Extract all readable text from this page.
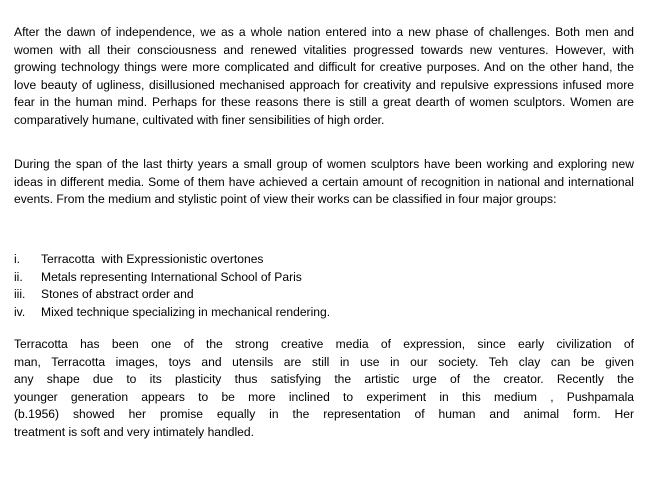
After the dawn of independence, we as a whole nation entered into a new phase of challenges. Both men and women with all their consciousness and renewed vitalities progressed towards new ventures. However, with growing technology things were more complicated and difficult for creative purposes. And on the other hand, the love beauty of ugliness, disillusioned mechanised approach for creativity and repulsive expressions infused more fear in the human mind. Perhaps for these reasons there is still a great dearth of women sculptors. Women are comparatively humane, cultivated with finer sensibilities of high order.

During the span of the last thirty years a small group of women sculptors have been working and exploring new ideas in different media. Some of them have achieved a certain amount of recognition in national and international events. From the medium and stylistic point of view their works can be classified in four major groups:

i.	Terracotta  with Expressionistic overtones
ii.	Metals representing International School of Paris
iii.	Stones of abstract order and
iv.	Mixed technique specializing in mechanical rendering.
Terracotta has been one of the strong creative media of expression, since early civilization of
man, Terracotta images, toys and utensils are still in use in our society. Teh clay can be given
any shape due to its plasticity thus satisfying the artistic urge of the creator. Recently the
younger generation appears to be more inclined to experiment in this medium , Pushpamala
(b.1956) showed her promise equally in the representation of human and animal form. Her
treatment is soft and very intimately handled.
